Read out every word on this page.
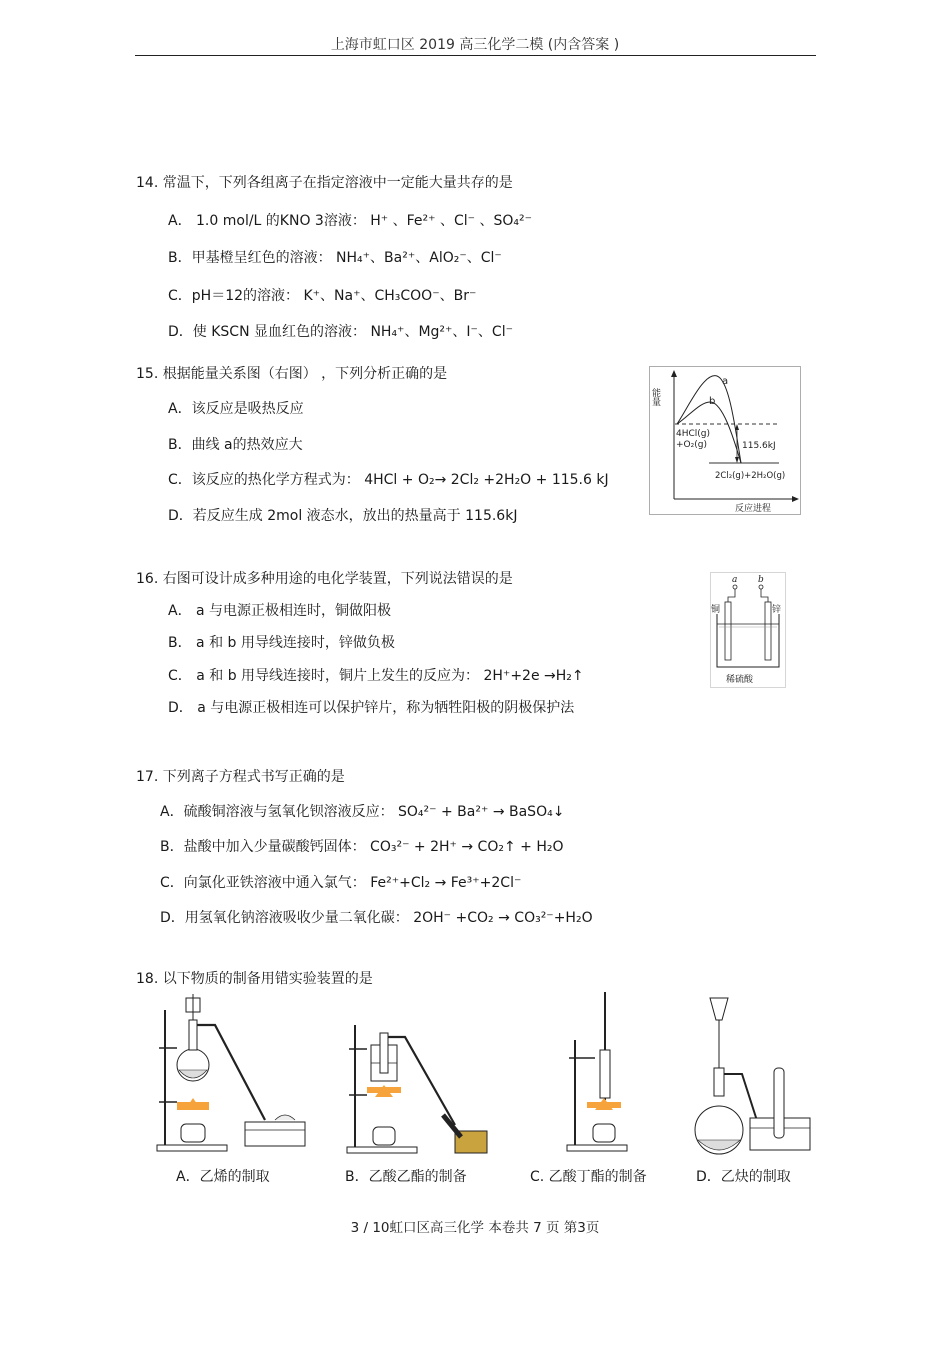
上海市虹口区 2019 高三化学二模 (内含答案 )
14. 常温下，下列各组离子在指定溶液中一定能大量共存的是
A． 1.0 mol/L 的KNO 3溶液： H⁺ 、Fe²⁺ 、Cl⁻ 、SO₄²⁻
B．甲基橙呈红色的溶液： NH₄⁺、Ba²⁺、AlO₂⁻、Cl⁻
C．pH＝12的溶液： K⁺、Na⁺、CH₃COO⁻、Br⁻
D．使 KSCN 显血红色的溶液： NH₄⁺、Mg²⁺、I⁻、Cl⁻
15. 根据能量关系图（右图） ，下列分析正确的是
A．该反应是吸热反应
B．曲线 a的热效应大
C．该反应的热化学方程式为： 4HCl + O₂→ 2Cl₂ +2H₂O + 115.6 kJ
D．若反应生成 2mol 液态水，放出的热量高于 115.6kJ
能量
反应进程
a
b
115.6kJ
4HCl(g)
+O₂(g)
2Cl₂(g)+2H₂O(g)
16. 右图可设计成多种用途的电化学装置，下列说法错误的是
A． a 与电源正极相连时，铜做阳极
B． a 和 b 用导线连接时，锌做负极
C． a 和 b 用导线连接时，铜片上发生的反应为： 2H⁺+2e →H₂↑
D． a 与电源正极相连可以保护锌片，称为牺牲阳极的阴极保护法
a b
铜	锌
稀硫酸
17. 下列离子方程式书写正确的是
A．硫酸铜溶液与氢氧化钡溶液反应： SO₄²⁻ + Ba²⁺ → BaSO₄↓
B．盐酸中加入少量碳酸钙固体： CO₃²⁻ + 2H⁺ → CO₂↑ + H₂O
C．向氯化亚铁溶液中通入氯气： Fe²⁺+Cl₂ → Fe³⁺+2Cl⁻
D．用氢氧化钠溶液吸收少量二氧化碳： 2OH⁻ +CO₂ → CO₃²⁻+H₂O
18. 以下物质的制备用错实验装置的是
A．乙烯的制取	B．乙酸乙酯的制备	C. 乙酸丁酯的制备	D．乙炔的制取
3 / 10虹口区高三化学 本卷共 7 页 第3页
